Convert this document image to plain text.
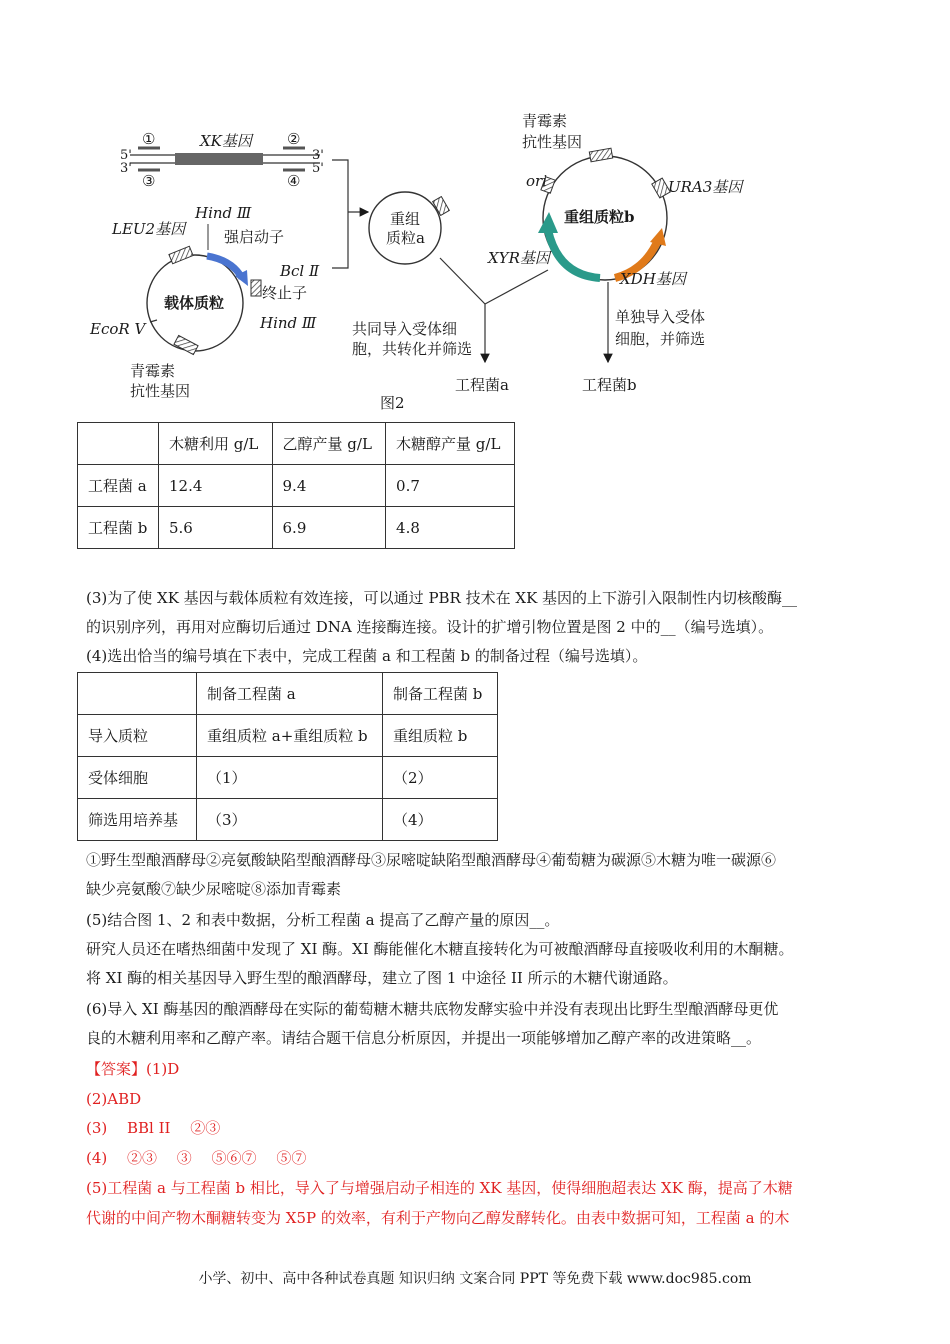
XK基因
①	②
③	④
5'
3'
3'
5'
载体质粒
Hind Ⅲ
LEU2基因	强启动子
Bcl Ⅱ
终止子
Hind Ⅲ
EcoR Ⅴ
青霉素
抗性基因
重组
质粒a
重组质粒b
青霉素
抗性基因
ori	URA3基因
XYR基因
XDH基因
共同导入受体细
胞，共转化并筛选
单独导入受体
细胞，并筛选
工程菌a	工程菌b
图2
	木糖利用 g/L	乙醇产量 g/L	木糖醇产量 g/L
工程菌 a	12.4	9.4	0.7
工程菌 b	5.6	6.9	4.8
(3)为了使 XK 基因与载体质粒有效连接，可以通过 PBR 技术在 XK 基因的上下游引入限制性内切核酸酶__
的识别序列，再用对应酶切后通过 DNA 连接酶连接。设计的扩增引物位置是图 2 中的__（编号选填）。
(4)选出恰当的编号填在下表中，完成工程菌 a 和工程菌 b 的制备过程（编号选填）。
	制备工程菌 a	制备工程菌 b
导入质粒	重组质粒 a+重组质粒 b	重组质粒 b
受体细胞	（1）	（2）
筛选用培养基	（3）	（4）
①野生型酿酒酵母②亮氨酸缺陷型酿酒酵母③尿嘧啶缺陷型酿酒酵母④葡萄糖为碳源⑤木糖为唯一碳源⑥
缺少亮氨酸⑦缺少尿嘧啶⑧添加青霉素
(5)结合图 1、2 和表中数据，分析工程菌 a 提高了乙醇产量的原因__。
研究人员还在嗜热细菌中发现了 XI 酶。XI 酶能催化木糖直接转化为可被酿酒酵母直接吸收利用的木酮糖。
将 XI 酶的相关基因导入野生型的酿酒酵母，建立了图 1 中途径 II 所示的木糖代谢通路。
(6)导入 XI 酶基因的酿酒酵母在实际的葡萄糖木糖共底物发酵实验中并没有表现出比野生型酿酒酵母更优
良的木糖利用率和乙醇产率。请结合题干信息分析原因，并提出一项能够增加乙醇产率的改进策略__。
【答案】(1)D
(2)ABD
(3)　 BBl II　 ②③
(4)　 ②③　 ③　 ⑤⑥⑦　 ⑤⑦
(5)工程菌 a 与工程菌 b 相比，导入了与增强启动子相连的 XK 基因，使得细胞超表达 XK 酶，提高了木糖
代谢的中间产物木酮糖转变为 X5P 的效率，有利于产物向乙醇发酵转化。由表中数据可知，工程菌 a 的木
小学、初中、高中各种试卷真题 知识归纳 文案合同 PPT 等免费下载 www.doc985.com
